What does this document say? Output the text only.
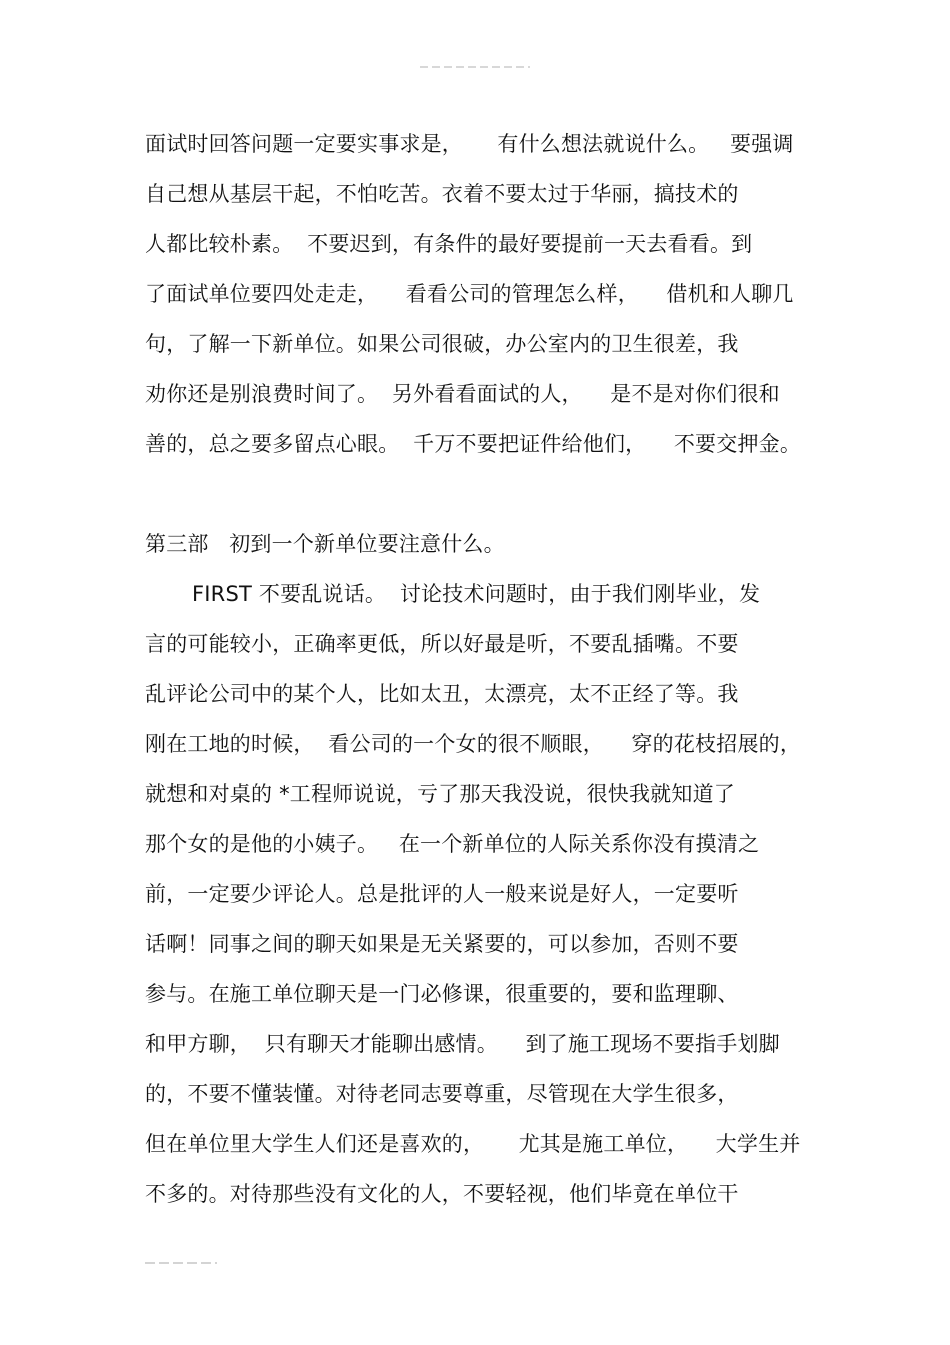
面试时回答问题一定要实事求是，     有什么想法就说什么。   要强调
自己想从基层干起，不怕吃苦。衣着不要太过于华丽，搞技术的
人都比较朴素。  不要迟到，有条件的最好要提前一天去看看。到
了面试单位要四处走走，    看看公司的管理怎么样，    借机和人聊几
句，了解一下新单位。如果公司很破，办公室内的卫生很差，我
劝你还是别浪费时间了。  另外看看面试的人，    是不是对你们很和
善的，总之要多留点心眼。  千万不要把证件给他们，    不要交押金。
第三部   初到一个新单位要注意什么。
FIRST 不要乱说话。  讨论技术问题时，由于我们刚毕业，发
言的可能较小，正确率更低，所以好最是听，不要乱插嘴。不要
乱评论公司中的某个人，比如太丑，太漂亮，太不正经了等。我
刚在工地的时候，  看公司的一个女的很不顺眼，    穿的花枝招展的，
就想和对桌的 *工程师说说，亏了那天我没说，很快我就知道了
那个女的是他的小姨子。   在一个新单位的人际关系你没有摸清之
前，一定要少评论人。总是批评的人一般来说是好人，一定要听
话啊！同事之间的聊天如果是无关紧要的，可以参加，否则不要
参与。在施工单位聊天是一门必修课，很重要的，要和监理聊、
和甲方聊，  只有聊天才能聊出感情。    到了施工现场不要指手划脚
的，不要不懂装懂。对待老同志要尊重，尽管现在大学生很多，
但在单位里大学生人们还是喜欢的，     尤其是施工单位，    大学生并
不多的。对待那些没有文化的人，不要轻视，他们毕竟在单位干
